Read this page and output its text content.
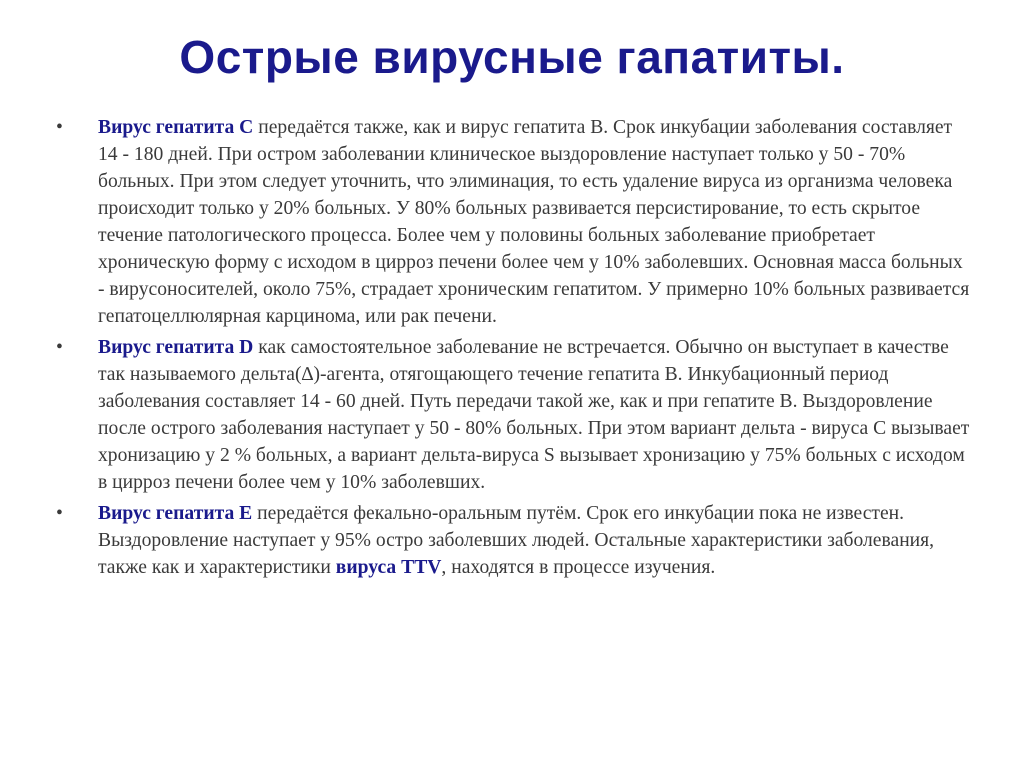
Острые вирусные гапатиты.
•	Вирус гепатита С передаётся также, как и вирус гепатита В. Срок инкубации заболевания составляет 14 - 180 дней. При остром заболевании клиническое выздоровление наступает только у 50 - 70% больных. При этом следует уточнить, что элиминация, то есть удаление вируса из организма человека происходит только у 20% больных. У 80% больных развивается персистирование, то есть скрытое течение патологического процесса. Более чем у половины больных заболевание приобретает хроническую форму с исходом в цирроз печени более чем у 10% заболевших. Основная масса больных - вирусоносителей, около 75%, страдает хроническим гепатитом. У примерно 10% больных развивается гепатоцеллюлярная карцинома, или рак печени.
•	Вирус гепатита D как самостоятельное заболевание не встречается. Обычно он выступает в качестве так называемого дельта(∆)-агента, отягощающего течение гепатита В. Инкубационный период заболевания составляет 14 - 60 дней. Путь передачи такой же, как и при гепатите В. Выздоровление после острого заболевания наступает у 50 - 80% больных. При этом вариант дельта - вируса С вызывает хронизацию у 2 % больных, а вариант дельта-вируса S вызывает хронизацию у 75% больных с исходом в цирроз печени более чем у 10% заболевших.
•	Вирус гепатита Е передаётся фекально-оральным путём. Срок его инкубации пока не известен. Выздоровление наступает у 95% остро заболевших людей. Остальные характеристики заболевания, также как и характеристики вируса TTV, находятся в процессе изучения.
